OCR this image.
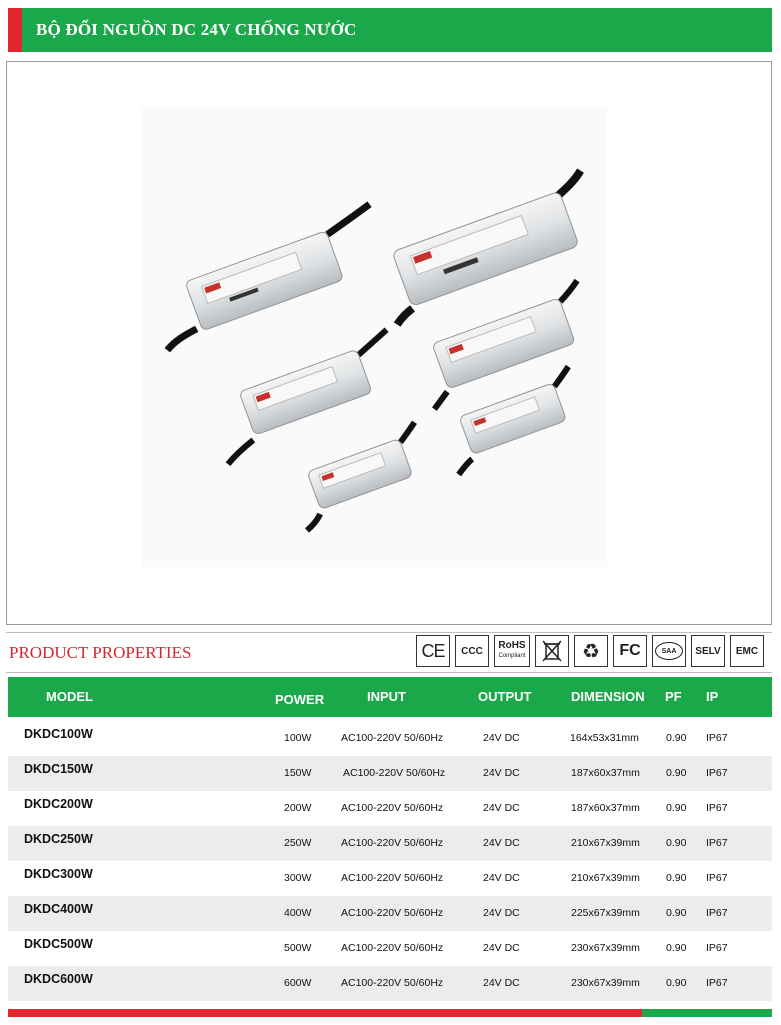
BỘ ĐỔI NGUỒN DC 24V CHỐNG NƯỚC
PRODUCT PROPERTIES	CE CCC RoHS
Compliant	♻ FC	SAA SELV EMC
MODEL	POWER	INPUT	OUTPUT	DIMENSION PF IP
DKDC100W	100W	AC100-220V 50/60Hz	24V DC	164x53x31mm	0.90 IP67
DKDC150W	150W	AC100-220V 50/60Hz	24V DC	187x60x37mm 0.90 IP67
DKDC200W	200W	AC100-220V 50/60Hz	24V DC	187x60x37mm 0.90 IP67
DKDC250W	250W	AC100-220V 50/60Hz	24V DC	210x67x39mm 0.90 IP67
DKDC300W	300W	AC100-220V 50/60Hz	24V DC	210x67x39mm 0.90 IP67
DKDC400W	400W	AC100-220V 50/60Hz	24V DC	225x67x39mm 0.90 IP67
DKDC500W	500W	AC100-220V 50/60Hz	24V DC	230x67x39mm 0.90 IP67
DKDC600W	600W	AC100-220V 50/60Hz	24V DC	230x67x39mm 0.90 IP67
